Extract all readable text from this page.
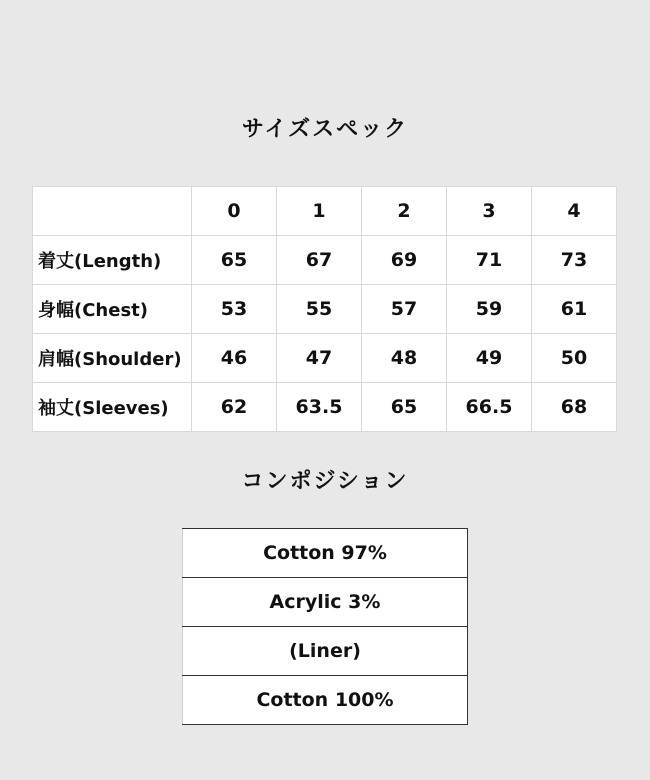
サイズスペック
	0	1	2	3	4
着丈(Length)	65	67	69	71	73
身幅(Chest)	53	55	57	59	61
肩幅(Shoulder)	46	47	48	49	50
袖丈(Sleeves)	62	63.5	65	66.5	68
コンポジション
Cotton 97%
Acrylic 3%
(Liner)
Cotton 100%
